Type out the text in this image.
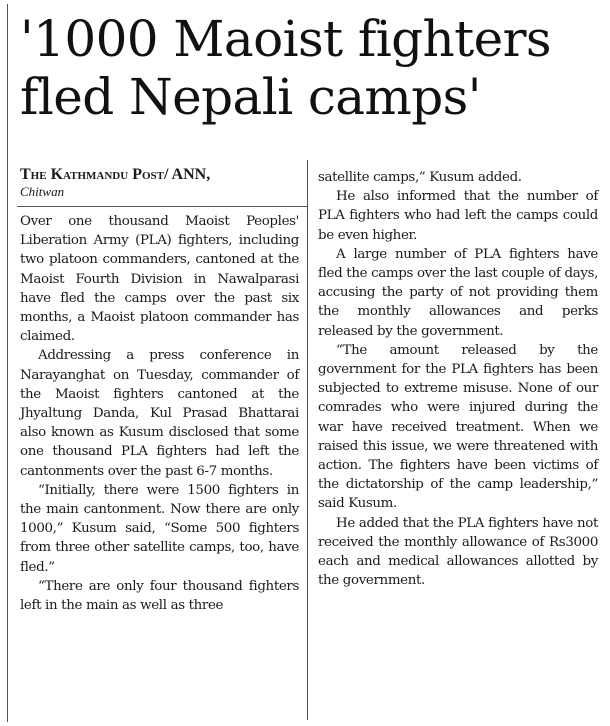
'1000 Maoist fighters fled Nepali camps'
The Kathmandu Post/ ANN,
Chitwan

Over one thousand Maoist Peoples' Liberation Army (PLA) fighters, including two platoon commanders, cantoned at the Maoist Fourth Division in Nawalparasi have fled the camps over the past six months, a Maoist platoon commander has claimed.

Addressing a press conference in Narayanghat on Tuesday, commander of the Maoist fighters cantoned at the Jhyaltung Danda, Kul Prasad Bhattarai also known as Kusum disclosed that some one thousand PLA fighters had left the cantonments over the past 6-7 months.

“Initially, there were 1500 fighters in the main cantonment. Now there are only 1000,” Kusum said, “Some 500 fighters from three other satellite camps, too, have fled.”

“There are only four thousand fighters left in the main as well as three

satellite camps,” Kusum added.

He also informed that the number of PLA fighters who had left the camps could be even higher.

A large number of PLA fighters have fled the camps over the last couple of days, accusing the party of not providing them the monthly allowances and perks released by the government.

“The amount released by the government for the PLA fighters has been subjected to extreme misuse. None of our comrades who were injured during the war have received treatment. When we raised this issue, we were threatened with action. The fighters have been victims of the dictatorship of the camp leadership,” said Kusum.

He added that the PLA fighters have not received the monthly allowance of Rs3000 each and medical allowances allotted by the government.
